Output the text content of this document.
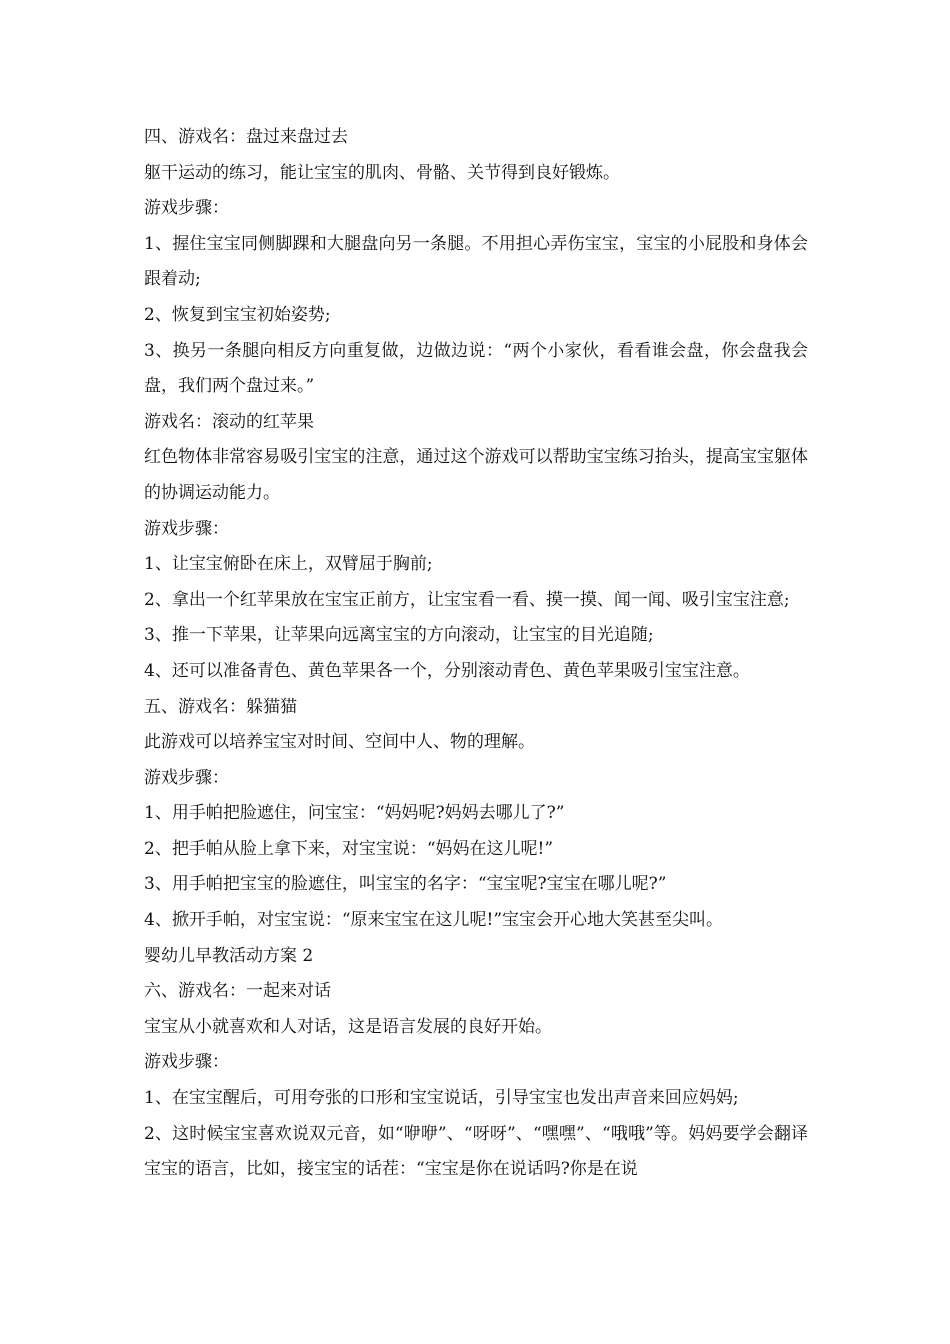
四、游戏名：盘过来盘过去

躯干运动的练习，能让宝宝的肌肉、骨骼、关节得到良好锻炼。

游戏步骤：

1、握住宝宝同侧脚踝和大腿盘向另一条腿。不用担心弄伤宝宝，宝宝的小屁股和身体会跟着动;

2、恢复到宝宝初始姿势;

3、换另一条腿向相反方向重复做，边做边说：“两个小家伙，看看谁会盘，你会盘我会盘，我们两个盘过来。”

游戏名：滚动的红苹果

红色物体非常容易吸引宝宝的注意，通过这个游戏可以帮助宝宝练习抬头，提高宝宝躯体的协调运动能力。

游戏步骤：

1、让宝宝俯卧在床上，双臂屈于胸前;

2、拿出一个红苹果放在宝宝正前方，让宝宝看一看、摸一摸、闻一闻、吸引宝宝注意;

3、推一下苹果，让苹果向远离宝宝的方向滚动，让宝宝的目光追随;

4、还可以准备青色、黄色苹果各一个，分别滚动青色、黄色苹果吸引宝宝注意。

五、游戏名：躲猫猫

此游戏可以培养宝宝对时间、空间中人、物的理解。

游戏步骤：

1、用手帕把脸遮住，问宝宝：“妈妈呢?妈妈去哪儿了?”

2、把手帕从脸上拿下来，对宝宝说：“妈妈在这儿呢!”

3、用手帕把宝宝的脸遮住，叫宝宝的名字：“宝宝呢?宝宝在哪儿呢?”

4、掀开手帕，对宝宝说：“原来宝宝在这儿呢!”宝宝会开心地大笑甚至尖叫。

婴幼儿早教活动方案 2

六、游戏名：一起来对话

宝宝从小就喜欢和人对话，这是语言发展的良好开始。

游戏步骤：

1、在宝宝醒后，可用夸张的口形和宝宝说话，引导宝宝也发出声音来回应妈妈;

2、这时候宝宝喜欢说双元音，如“咿咿”、“呀呀”、“嘿嘿”、“哦哦”等。妈妈要学会翻译宝宝的语言，比如，接宝宝的话茬：“宝宝是你在说话吗?你是在说
